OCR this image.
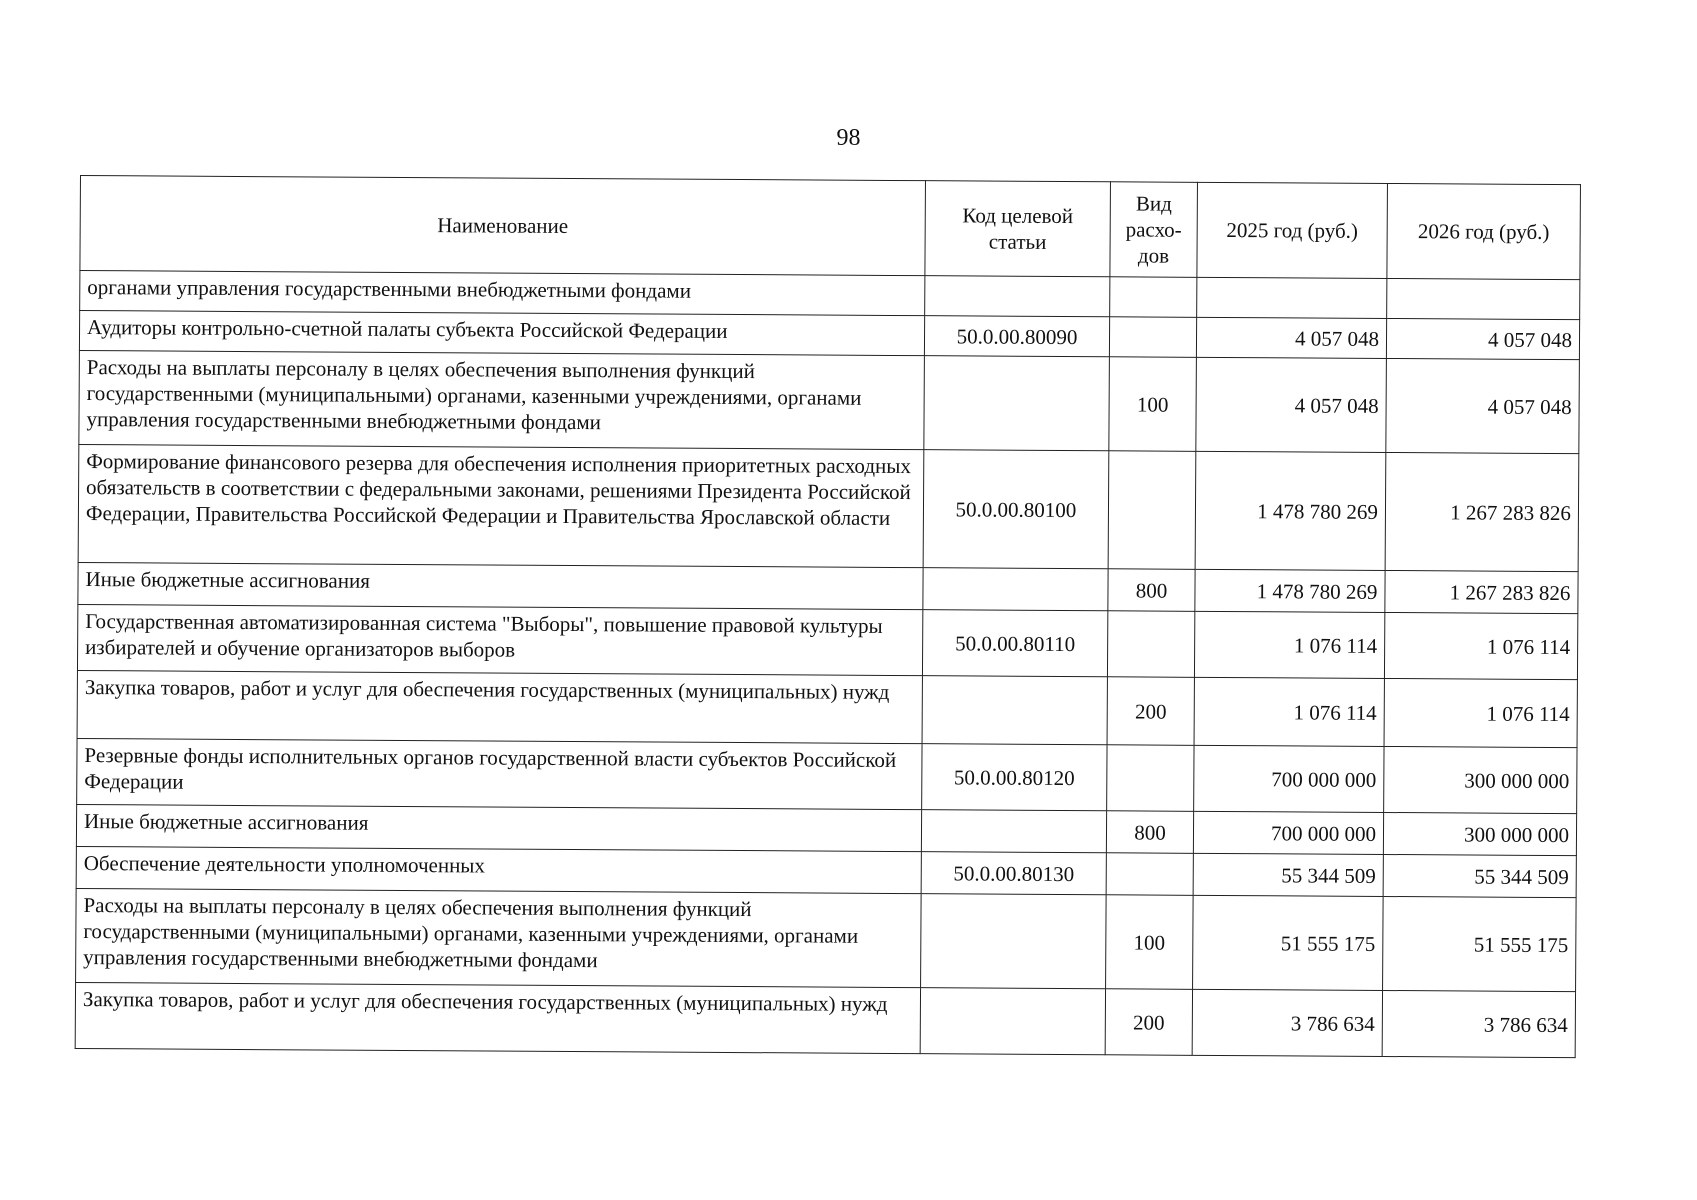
98
Наименование	Код целевой статьи	Вид расхо-дов	2025 год (руб.)	2026 год (руб.)
органами управления государственными внебюджетными фондами				
Аудиторы контрольно-счетной палаты субъекта Российской Федерации	50.0.00.80090		4 057 048	4 057 048
Расходы на выплаты персоналу в целях обеспечения выполнения функций государственными (муниципальными) органами, казенными учреждениями, органами управления государственными внебюджетными фондами		100	4 057 048	4 057 048
Формирование финансового резерва для обеспечения исполнения приоритетных расходных обязательств в соответствии с федеральными законами, решениями Президента Российской Федерации, Правительства Российской Федерации и Правительства Ярославской области	50.0.00.80100		1 478 780 269	1 267 283 826
Иные бюджетные ассигнования		800	1 478 780 269	1 267 283 826
Государственная автоматизированная система "Выборы", повышение правовой культуры избирателей и обучение организаторов выборов	50.0.00.80110		1 076 114	1 076 114
Закупка товаров, работ и услуг для обеспечения государственных (муниципальных) нужд		200	1 076 114	1 076 114
Резервные фонды исполнительных органов государственной власти субъектов Российской Федерации	50.0.00.80120		700 000 000	300 000 000
Иные бюджетные ассигнования		800	700 000 000	300 000 000
Обеспечение деятельности уполномоченных	50.0.00.80130		55 344 509	55 344 509
Расходы на выплаты персоналу в целях обеспечения выполнения функций государственными (муниципальными) органами, казенными учреждениями, органами управления государственными внебюджетными фондами		100	51 555 175	51 555 175
Закупка товаров, работ и услуг для обеспечения государственных (муниципальных) нужд		200	3 786 634	3 786 634
